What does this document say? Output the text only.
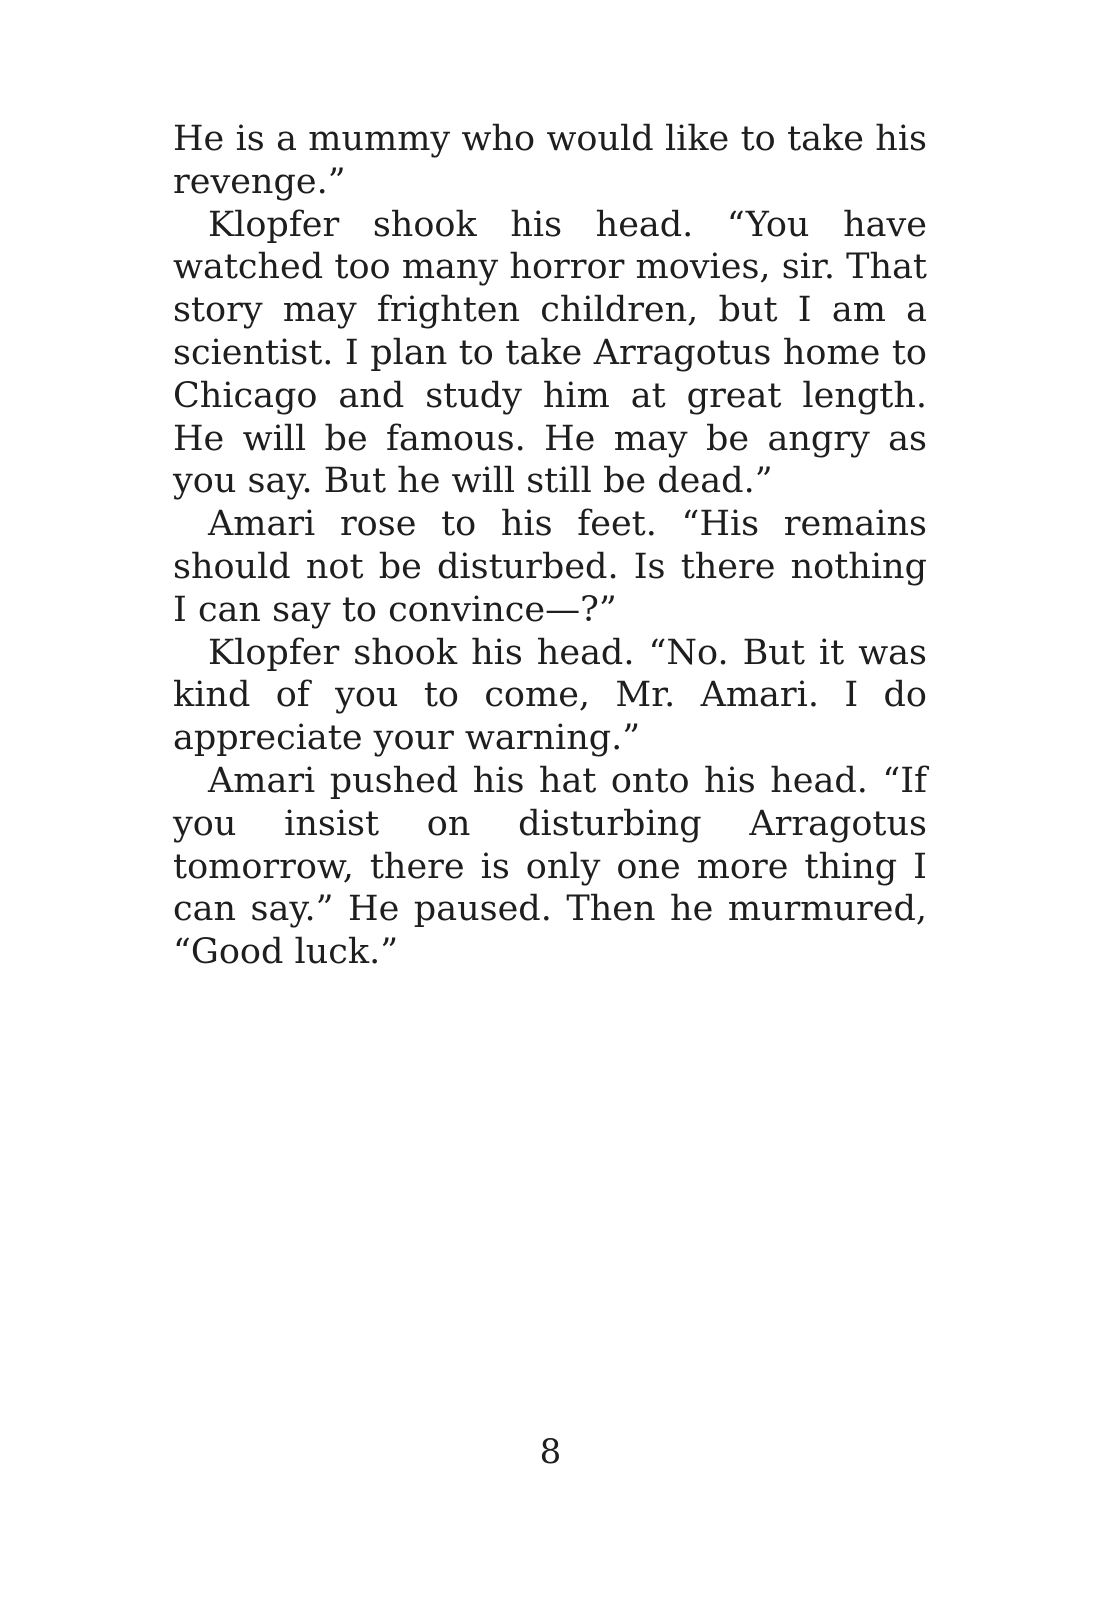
He is a mummy who would like to take his revenge.”

Klopfer shook his head. “You have watched too many horror movies, sir. That story may frighten children, but I am a scientist. I plan to take Arragotus home to Chicago and study him at great length. He will be famous. He may be angry as you say. But he will still be dead.”

Amari rose to his feet. “His remains should not be disturbed. Is there nothing I can say to convince—?”

Klopfer shook his head. “No. But it was kind of you to come, Mr. Amari. I do appreciate your warning.”

Amari pushed his hat onto his head. “If you insist on disturbing Arragotus tomorrow, there is only one more thing I can say.” He paused. Then he murmured, “Good luck.”

8
